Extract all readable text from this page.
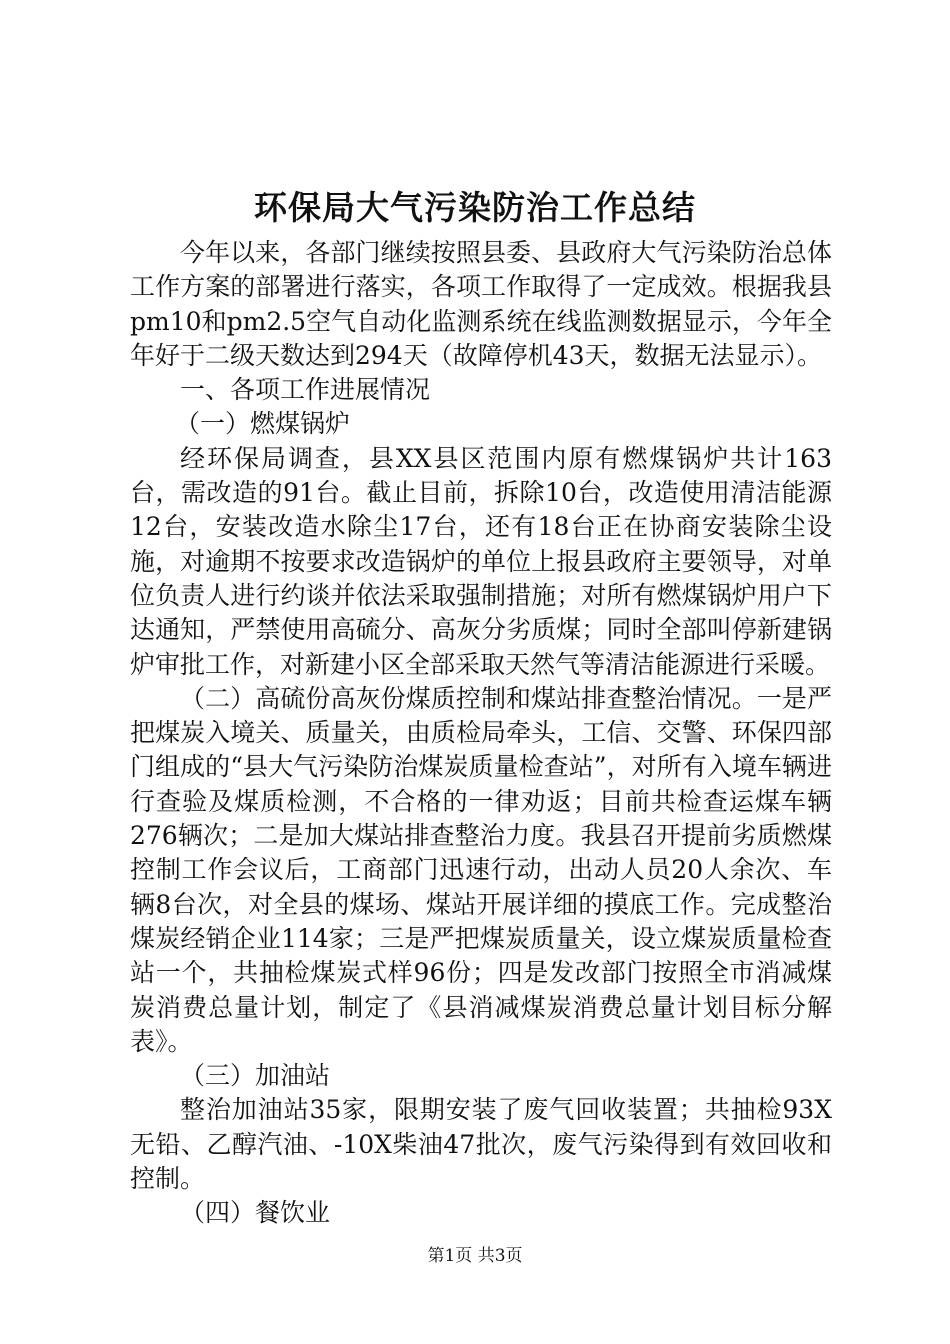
环保局大气污染防治工作总结

今年以来，各部门继续按照县委、县政府大气污染防治总体工作方案的部署进行落实，各项工作取得了一定成效。根据我县pm10和pm2.5空气自动化监测系统在线监测数据显示，今年全年好于二级天数达到294天（故障停机43天，数据无法显示）。

一、各项工作进展情况

（一）燃煤锅炉

经环保局调查，县XX县区范围内原有燃煤锅炉共计163台，需改造的91台。截止目前，拆除10台，改造使用清洁能源12台，安装改造水除尘17台，还有18台正在协商安装除尘设施，对逾期不按要求改造锅炉的单位上报县政府主要领导，对单位负责人进行约谈并依法采取强制措施；对所有燃煤锅炉用户下达通知，严禁使用高硫分、高灰分劣质煤；同时全部叫停新建锅炉审批工作，对新建小区全部采取天然气等清洁能源进行采暖。

（二）高硫份高灰份煤质控制和煤站排查整治情况。一是严把煤炭入境关、质量关，由质检局牵头，工信、交警、环保四部门组成的“县大气污染防治煤炭质量检查站”，对所有入境车辆进行查验及煤质检测，不合格的一律劝返；目前共检查运煤车辆276辆次；二是加大煤站排查整治力度。我县召开提前劣质燃煤控制工作会议后，工商部门迅速行动，出动人员20人余次、车辆8台次，对全县的煤场、煤站开展详细的摸底工作。完成整治煤炭经销企业114家；三是严把煤炭质量关，设立煤炭质量检查站一个，共抽检煤炭式样96份；四是发改部门按照全市消减煤炭消费总量计划，制定了《县消减煤炭消费总量计划目标分解表》。

（三）加油站

整治加油站35家，限期安装了废气回收装置；共抽检93X无铅、乙醇汽油、-10X柴油47批次，废气污染得到有效回收和控制。

（四）餐饮业

第1页 共3页
